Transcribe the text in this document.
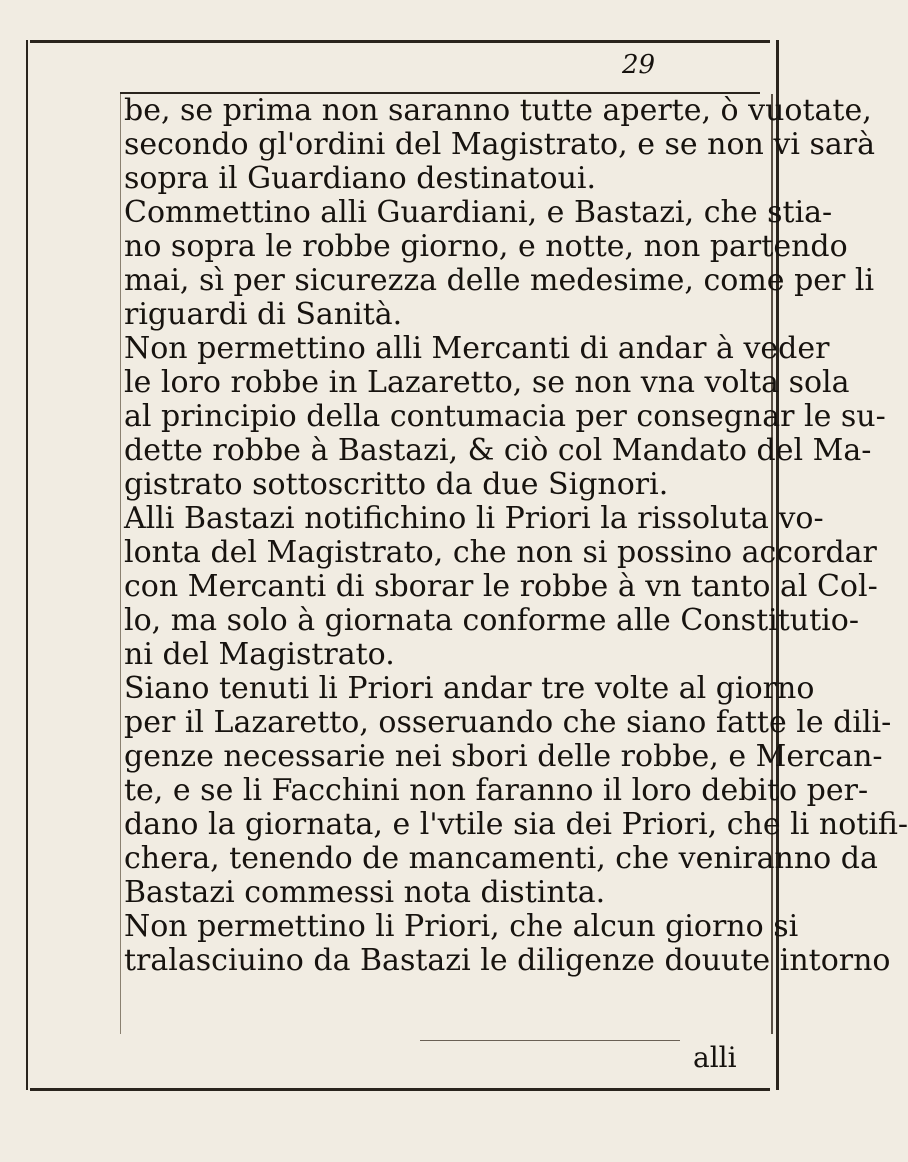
29
be, se prima non saranno tutte aperte, ò vuotate,
secondo gl'ordini del Magistrato, e se non vi sarà
sopra il Guardiano destinatoui.
Commettino alli Guardiani, e Bastazi, che stia-
no sopra le robbe giorno, e notte, non partendo
mai, sì per sicurezza delle medesime, come per li
riguardi di Sanità.
Non permettino alli Mercanti di andar à veder
le loro robbe in Lazaretto, se non vna volta sola
al principio della contumacia per consegnar le su-
dette robbe à Bastazi, & ciò col Mandato del Ma-
gistrato sottoscritto da due Signori.
Alli Bastazi notifichino li Priori la rissoluta vo-
lonta del Magistrato, che non si possino accordar
con Mercanti di sborar le robbe à vn tanto al Col-
lo, ma solo à giornata conforme alle Constitutio-
ni del Magistrato.
Siano tenuti li Priori andar tre volte al giorno
per il Lazaretto, osseruando che siano fatte le dili-
genze necessarie nei sbori delle robbe, e Mercan-
te, e se li Facchini non faranno il loro debito per-
dano la giornata, e l'vtile sia dei Priori, che li notifi-
chera, tenendo de mancamenti, che veniranno da
Bastazi commessi nota distinta.
Non permettino li Priori, che alcun giorno si
tralasciuino da Bastazi le diligenze douute intorno
alli
